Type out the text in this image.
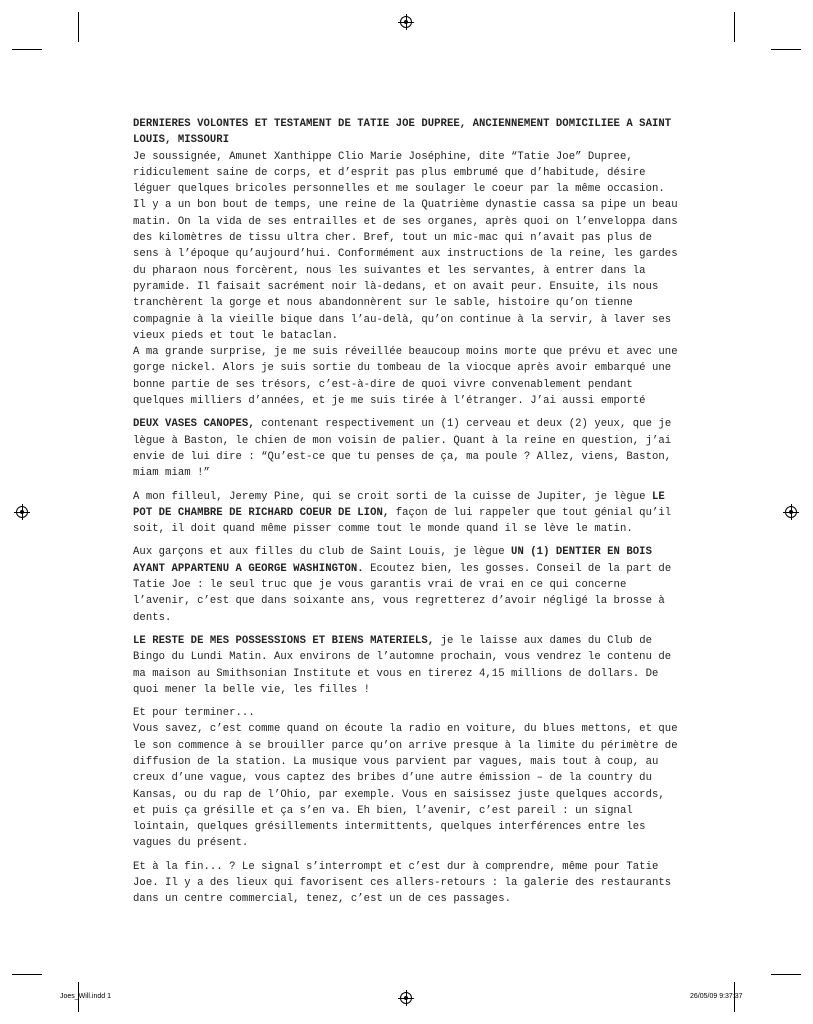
DERNIERES VOLONTES ET TESTAMENT DE TATIE JOE DUPREE, ANCIENNEMENT DOMICILIEE A SAINT LOUIS, MISSOURI

Je soussignée, Amunet Xanthippe Clio Marie Joséphine, dite “Tatie Joe” Dupree, ridiculement saine de corps, et d’esprit pas plus embrumé que d’habitude, désire léguer quelques bricoles personnelles et me soulager le coeur par la même occasion. Il y a un bon bout de temps, une reine de la Quatrième dynastie cassa sa pipe un beau matin. On la vida de ses entrailles et de ses organes, après quoi on l’enveloppa dans des kilomètres de tissu ultra cher. Bref, tout un mic-mac qui n’avait pas plus de sens à l’époque qu’aujourd’hui. Conformément aux instructions de la reine, les gardes du pharaon nous forcèrent, nous les suivantes et les servantes, à entrer dans la pyramide. Il faisait sacrément noir là-dedans, et on avait peur. Ensuite, ils nous tranchèrent la gorge et nous abandonnèrent sur le sable, histoire qu’on tienne compagnie à la vieille bique dans l’au-delà, qu’on continue à la servir, à laver ses vieux pieds et tout le bataclan.

A ma grande surprise, je me suis réveillée beaucoup moins morte que prévu et avec une gorge nickel. Alors je suis sortie du tombeau de la viocque après avoir embarqué une bonne partie de ses trésors, c’est-à-dire de quoi vivre convenablement pendant quelques milliers d’années, et je me suis tirée à l’étranger. J’ai aussi emporté

DEUX VASES CANOPES, contenant respectivement un (1) cerveau et deux (2) yeux, que je lègue à Baston, le chien de mon voisin de palier. Quant à la reine en question, j’ai envie de lui dire : “Qu’est-ce que tu penses de ça, ma poule ? Allez, viens, Baston, miam miam !”

A mon filleul, Jeremy Pine, qui se croit sorti de la cuisse de Jupiter, je lègue LE POT DE CHAMBRE DE RICHARD COEUR DE LION, façon de lui rappeler que tout génial qu’il soit, il doit quand même pisser comme tout le monde quand il se lève le matin.

Aux garçons et aux filles du club de Saint Louis, je lègue UN (1) DENTIER EN BOIS AYANT APPARTENU A GEORGE WASHINGTON. Ecoutez bien, les gosses. Conseil de la part de Tatie Joe : le seul truc que je vous garantis vrai de vrai en ce qui concerne l’avenir, c’est que dans soixante ans, vous regretterez d’avoir négligé la brosse à dents.

LE RESTE DE MES POSSESSIONS ET BIENS MATERIELS, je le laisse aux dames du Club de Bingo du Lundi Matin. Aux environs de l’automne prochain, vous vendrez le contenu de ma maison au Smithsonian Institute et vous en tirerez 4,15 millions de dollars. De quoi mener la belle vie, les filles !

Et pour terminer...

Vous savez, c’est comme quand on écoute la radio en voiture, du blues mettons, et que le son commence à se brouiller parce qu’on arrive presque à la limite du périmètre de diffusion de la station. La musique vous parvient par vagues, mais tout à coup, au creux d’une vague, vous captez des bribes d’une autre émission – de la country du Kansas, ou du rap de l’Ohio, par exemple. Vous en saisissez juste quelques accords, et puis ça grésille et ça s’en va. Eh bien, l’avenir, c’est pareil : un signal lointain, quelques grésillements intermittents, quelques interférences entre les vagues du présent.

Et à la fin... ? Le signal s’interrompt et c’est dur à comprendre, même pour Tatie Joe. Il y a des lieux qui favorisent ces allers-retours : la galerie des restaurants dans un centre commercial, tenez, c’est un de ces passages.

Joes_Will.indd 1	26/05/09 9:37:37
